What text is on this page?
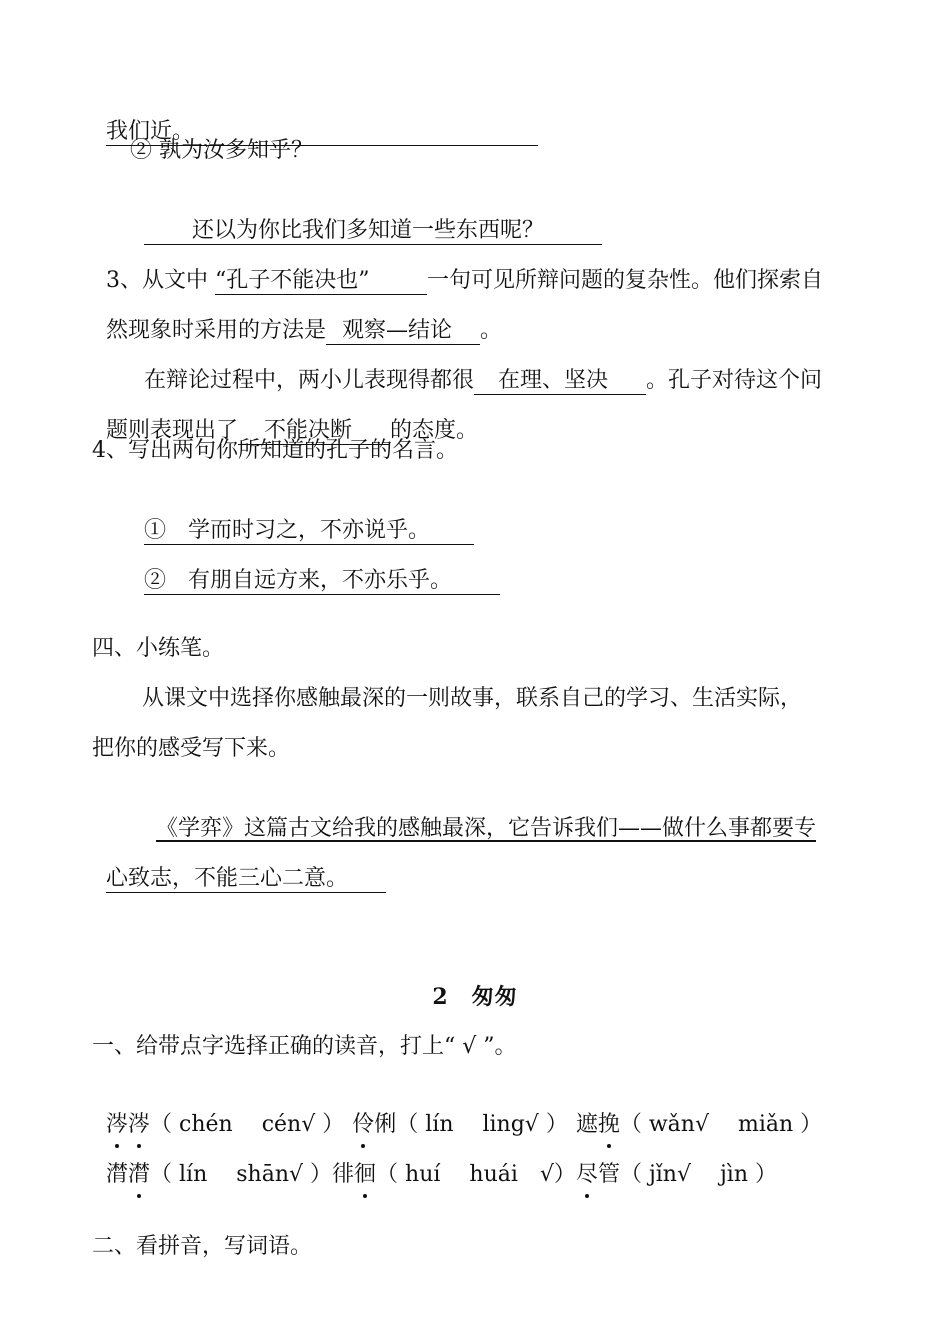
我们近。

② 孰为汝多知乎？

还以为你比我们多知道一些东西呢？

3、从文中 “孔子不能决也”	一句可见所辩问题的复杂性。他们探索自

然现象时采用的方法是 观察—结论 。

在辩论过程中，两小儿表现得都很 在理、坚决 。孔子对待这个问

题则表现出了 不能决断 的态度。

4、写出两句你所知道的孔子的名言。

①　 学而时习之，不亦说乎。

②　 有朋自远方来，不亦乐乎。

四、小练笔。
从课文中选择你感触最深的一则故事，联系自己的学习、生活实际，
把你的感受写下来。

《学弈》这篇古文给我的感触最深，它告诉我们——做什么事都要专

心致志，不能三心二意。

2　匆匆
一、给带点字选择正确的读音，打上“ √ ”。

涔涔（ chén　 cén√ ） 伶俐（ lín　 ling√ ） 遮挽（ wǎn√　 miǎn ）

潸潸（ lín　 shān√ ）徘徊（ huí　 huái　√）尽管（ jǐn√　 jìn ）

二、看拼音，写词语。
